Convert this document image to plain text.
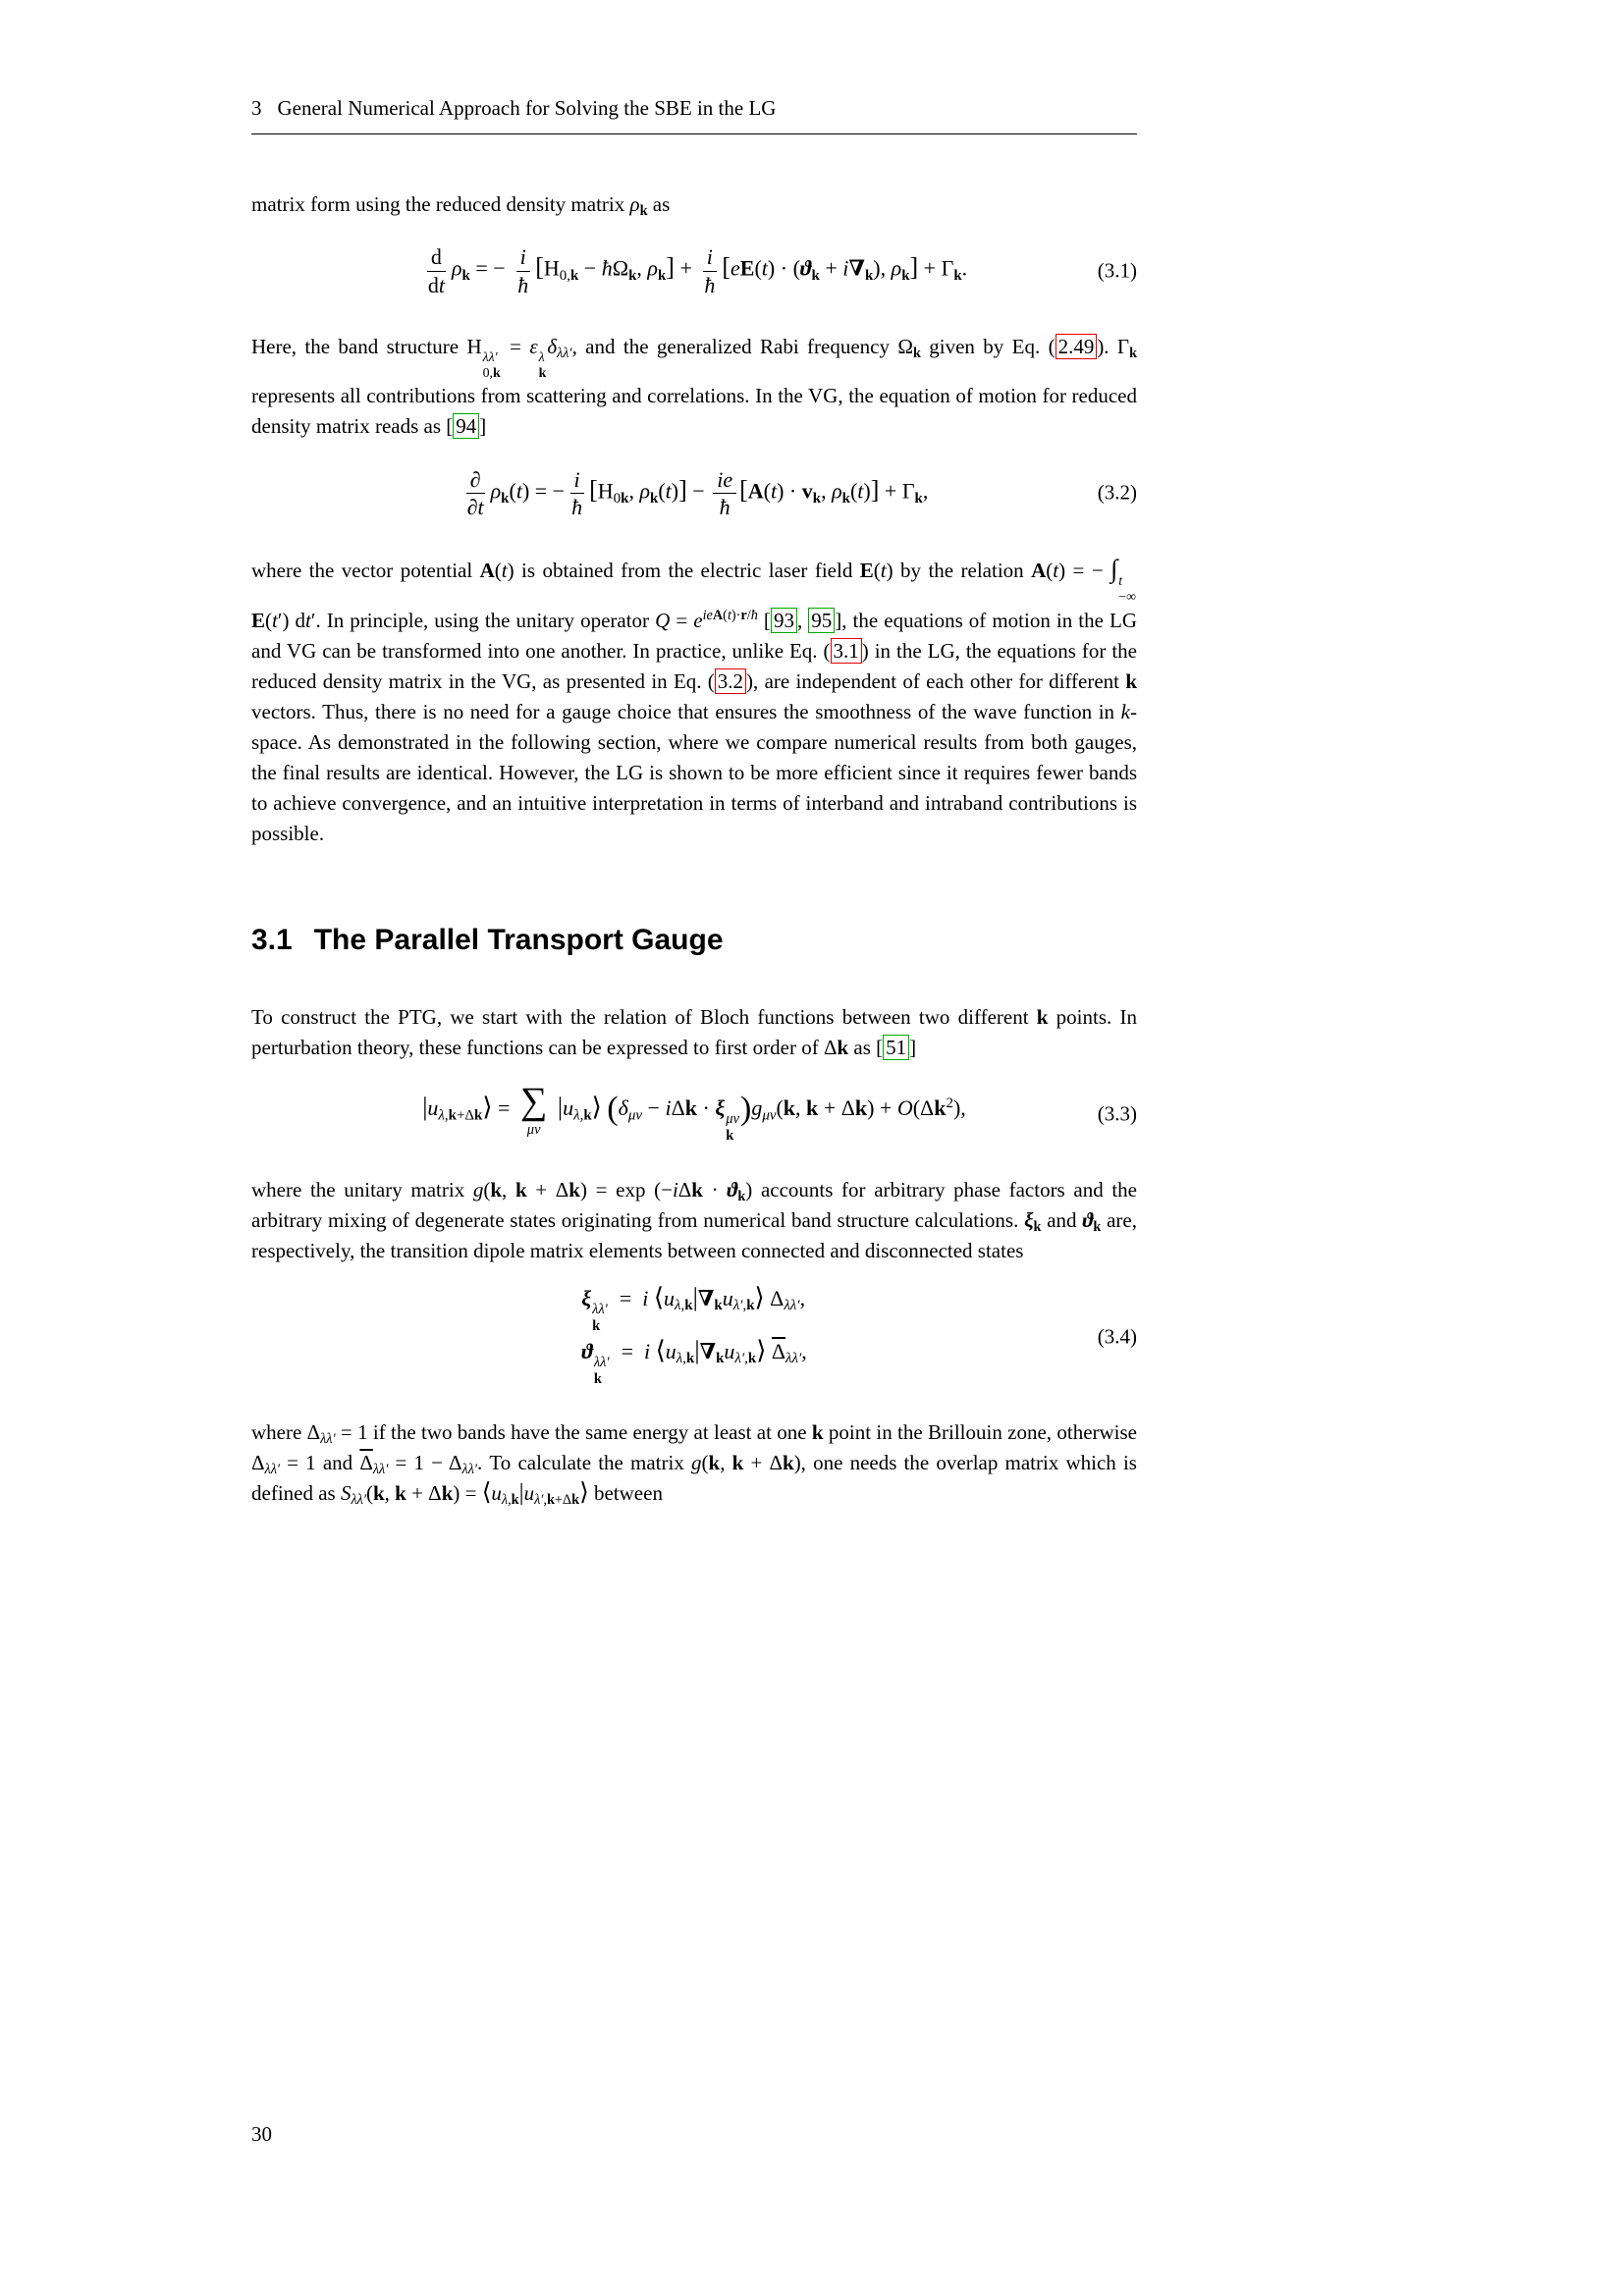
3 General Numerical Approach for Solving the SBE in the LG

matrix form using the reduced density matrix $\rho_k$ as

$\frac{d}{dt} \rho_k$ = − $\frac{i}{ħ} [H_{0,k}$ − $ħ\Omega_k$, $\rho_k] + \frac{i}{ħ} [eE(t) \cdot (ϑ_k + i\nabla_k)$, $\rho_k] + \Gamma_k$.	(3.1)

Here, the band structure H λλ′
0,k
= ε λ
k
$\delta_{\lambda\lambda'}$, and the generalized Rabi frequency $\Omega_k$ given by Eq. ( 2.49 ). $\Gamma_k$ represents all contributions from scattering and correlations. In the VG, the equation of motion for reduced density matrix reads as [ 94 ]

$\frac{\partial}{\partial t} \rho_k(t)$ = − $\frac{i}{ħ} [H_{0k}$, $\rho_k(t)] - \frac{ie}{ħ} [A(t) \cdot v_k$, $\rho_k(t)] + \Gamma_k$,	(3.2)

where the vector potential A(t) is obtained from the electric laser field E(t) by the relation A(t) = − ∫ t
−∞
E(t′) dt′. In principle, using the unitary operator $Q = e^{ieA(t)\cdot r/ħ}$ [ 93 , 95 ], the equations of motion in the LG and VG can be transformed into one another. In practice, unlike Eq. ( 3.1 ) in the LG, the equations for the reduced density matrix in the VG, as presented in Eq. ( 3.2 ), are independent of each other for different k vectors. Thus, there is no need for a gauge choice that ensures the smoothness of the wave function in k-space. As demonstrated in the following section, where we compare numerical results from both gauges, the final results are identical. However, the LG is shown to be more efficient since it requires fewer bands to achieve convergence, and an intuitive interpretation in terms of interband and intraband contributions is possible.

3.1 The Parallel Transport Gauge

To construct the PTG, we start with the relation of Bloch functions between two different k points. In perturbation theory, these functions can be expressed to first order of Δk as [ 51 ]

$|u_{\lambda,k+\Delta k}⟩$ = ∑
μν
$|u_{\lambda,k}⟩$ ($\delta_{\mu\nu} - i\Delta k \cdot \xi$ μν
k
)$g_{\mu\nu}(k$, $k + \Delta k) + O(\Delta k^2)$,	(3.3)

where the unitary matrix g(k, $k + \Delta k) = \exp (-i\Delta k \cdot ϑ_k)$ accounts for arbitrary phase factors and the arbitrary mixing of degenerate states originating from numerical band structure calculations. $\xi_k$ and $ϑ_k$ are, respectively, the transition dipole matrix elements between connected and disconnected states

ξ λλ′
k
=  i $⟨u_{\lambda,k}|\nabla_ku_{\lambda',k}⟩$ $\Delta_{\lambda\lambda'}$,
ϑ λλ′
k
=  i $⟨u_{\lambda,k}|\nabla_ku_{\lambda',k}⟩$ $\overline{\Delta}_{\lambda\lambda'}$,
(3.4)

where $\Delta_{\lambda\lambda'} = 1$ if the two bands have the same energy at least at one k point in the Brillouin zone, otherwise $\Delta_{\lambda\lambda'} = 1$ and $\overline{\Delta}_{\lambda\lambda'} = 1 - \Delta_{\lambda\lambda'}$. To calculate the matrix g(k, k + Δk), one needs the overlap matrix which is defined as $S_{\lambda\lambda'}(k$, $k + \Delta k) = ⟨u_{\lambda,k}|u_{\lambda',k+\Delta k}⟩$ between

30
